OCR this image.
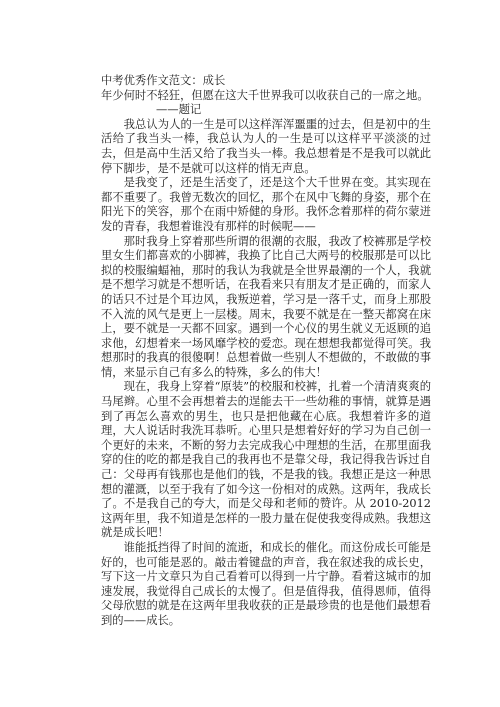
中考优秀作文范文：成长
年少何时不轻狂，但愿在这大千世界我可以收获自己的一席之地。
——题记

我总认为人的一生是可以这样浑浑噩噩的过去，但是初中的生活给了我当头一棒，我总认为人的一生是可以这样平平淡淡的过去，但是高中生活又给了我当头一棒。我总想着是不是我可以就此停下脚步，是不是就可以这样的悄无声息。

是我变了，还是生活变了，还是这个大千世界在变。其实现在都不重要了。我曾无数次的回忆，那个在风中飞舞的身姿，那个在阳光下的笑容，那个在雨中矫健的身形。我怀念着那样的荷尔蒙迸发的青春，我想着谁没有那样的时候呢——

那时我身上穿着那些所谓的很潮的衣服，我改了校裤那是学校里女生们都喜欢的小脚裤，我换了比自己大两号的校服那是可以比拟的校服编蝠袖，那时的我认为我就是全世界最潮的一个人，我就是不想学习就是不想听话，在我看来只有朋友才是正确的，而家人的话只不过是个耳边风，我叛逆着，学习是一落千丈，而身上那股不入流的风气是更上一层楼。周末，我要不就是在一整天都窝在床上，要不就是一天都不回家。遇到一个心仪的男生就义无返顾的追求他，幻想着来一场风靡学校的爱恋。现在想想我都觉得可笑。我想那时的我真的很傻啊！总想着做一些别人不想做的，不敢做的事情，来显示自己有多么的特殊，多么的伟大！

现在，我身上穿着“原装”的校服和校裤，扎着一个清清爽爽的马尾辫。心里不会再想着去的逞能去干一些幼稚的事情，就算是遇到了再怎么喜欢的男生，也只是把他藏在心底。我想着许多的道理，大人说话时我洗耳恭听。心里只是想着好好的学习为自己创一个更好的未来，不断的努力去完成我心中理想的生活，在那里面我穿的住的吃的都是我自己的我再也不是靠父母，我记得我告诉过自己：父母再有钱那也是他们的钱，不是我的钱。我想正是这一种思想的灌溉，以至于我有了如今这一份相对的成熟。这两年，我成长了。不是我自己的夸大，而是父母和老师的赞许。从 2010-2012 这两年里，我不知道是怎样的一股力量在促使我变得成熟。我想这就是成长吧！

谁能抵挡得了时间的流逝，和成长的催化。而这份成长可能是好的，也可能是恶的。敲击着键盘的声音，我在叙述我的成长史，写下这一片文章只为自己看着可以得到一片宁静。看着这城市的加速发展，我觉得自己成长的太慢了。但是值得我，值得恩师，值得父母欣慰的就是在这两年里我收获的正是最珍贵的也是他们最想看到的——成长。
